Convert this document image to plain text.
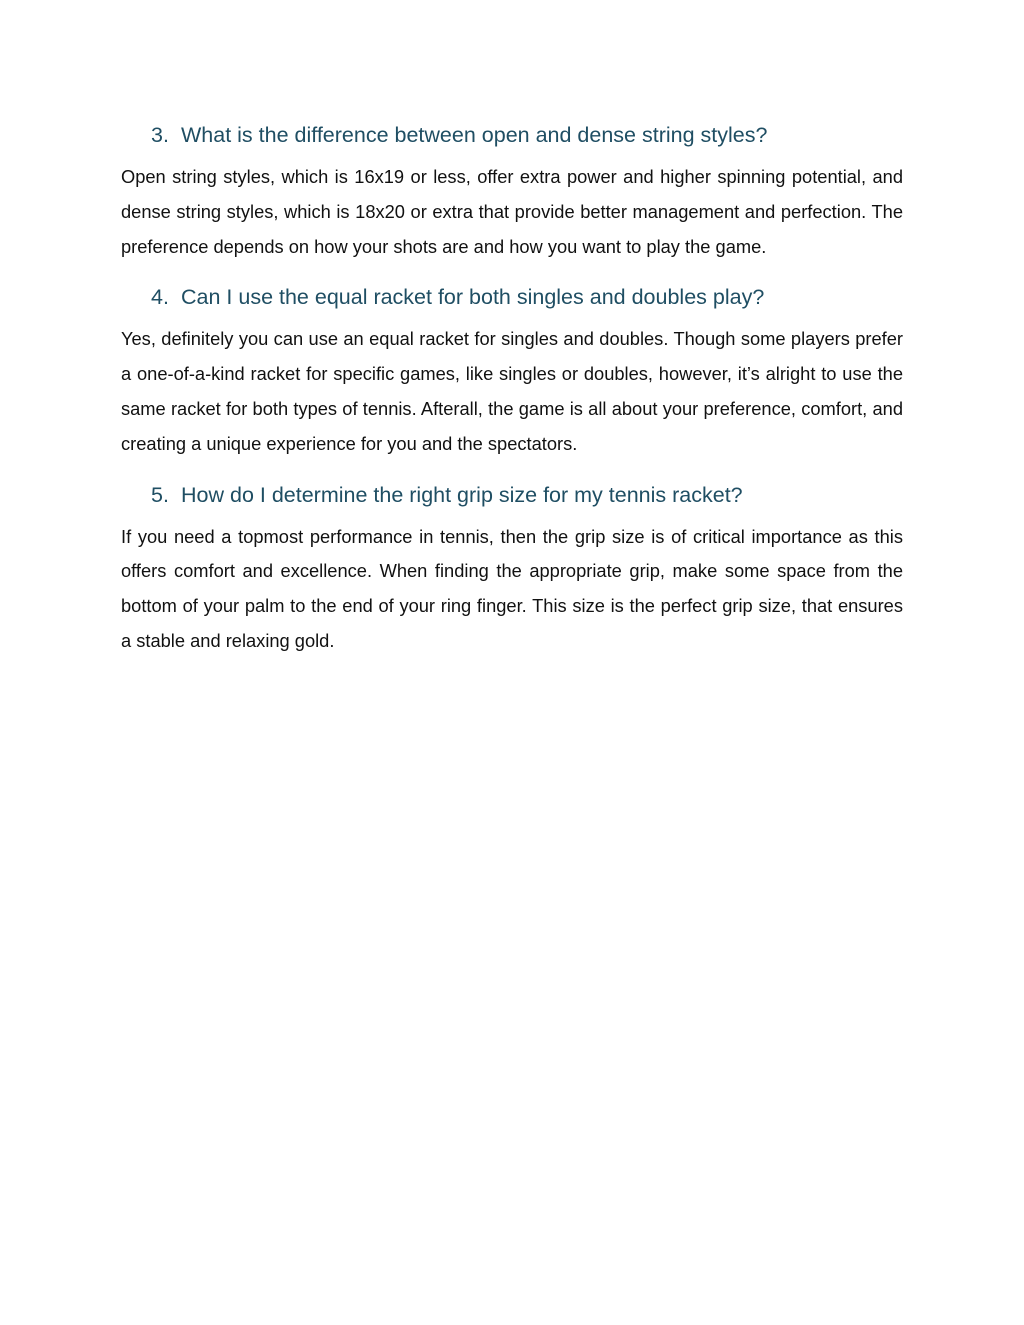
3. What is the difference between open and dense string styles?

Open string styles, which is 16x19 or less, offer extra power and higher spinning potential, and dense string styles, which is 18x20 or extra that provide better management and perfection. The preference depends on how your shots are and how you want to play the game.

4. Can I use the equal racket for both singles and doubles play?

Yes, definitely you can use an equal racket for singles and doubles. Though some players prefer a one-of-a-kind racket for specific games, like singles or doubles, however, it’s alright to use the same racket for both types of tennis. Afterall, the game is all about your preference, comfort, and creating a unique experience for you and the spectators.

5. How do I determine the right grip size for my tennis racket?

If you need a topmost performance in tennis, then the grip size is of critical importance as this offers comfort and excellence. When finding the appropriate grip, make some space from the bottom of your palm to the end of your ring finger. This size is the perfect grip size, that ensures a stable and relaxing gold.
